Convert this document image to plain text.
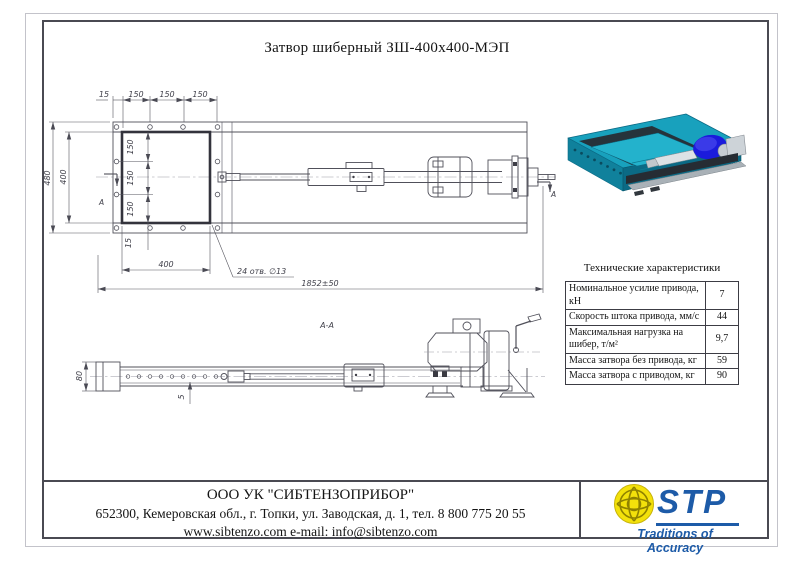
Затвор шиберный ЗШ-400х400-МЭП
А
А
15 150 150 150
480 400
150
150
150
15
400
24 отв. ∅13
1852±50
А-А
80
5
Технические характеристики
Номинальное усилие привода, кН	7
Скорость штока привода, мм/с	44
Максимальная нагрузка на шибер, т/м²	9,7
Масса затвора без привода, кг	59
Масса затвора с приводом, кг	90
ООО УК "СИБТЕНЗОПРИБОР"
652300, Кемеровская обл., г. Топки, ул. Заводская, д. 1, тел. 8 800 775 20 55
www.sibtenzo.com e-mail: info@sibtenzo.com
STP
Traditions of Accuracy
